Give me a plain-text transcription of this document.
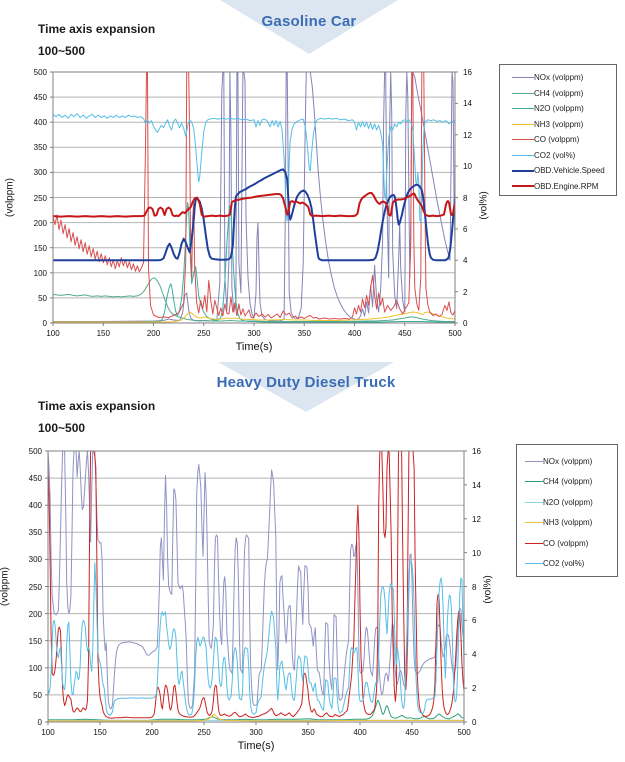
Gasoline Car
Time axis expansion
100~500
0
50
100
150
200
250
300
350
400
450
500
0
2
4
6
8
10
12
14
16
100	150	200	250	300	350	400	450	500
Time(s)
(volppm)	(vol%)
NOx (volppm)
CH4 (volppm)
N2O (volppm)
NH3 (volppm)
CO (volppm)
CO2 (vol%)
OBD.Vehicle.Speed
OBD.Engine.RPM
Heavy Duty Diesel Truck
Time axis expansion
100~500
0
50
100
150
200
250
300
350
400
450
500
0
2
4
6
8
10
12
14
16
100	150	200	250	300	350	400	450	500
Time(s)
(volppm)	(vol%)
NOx (volppm)
CH4 (volppm)
N2O (volppm)
NH3 (volppm)
CO (volppm)
CO2 (vol%)
